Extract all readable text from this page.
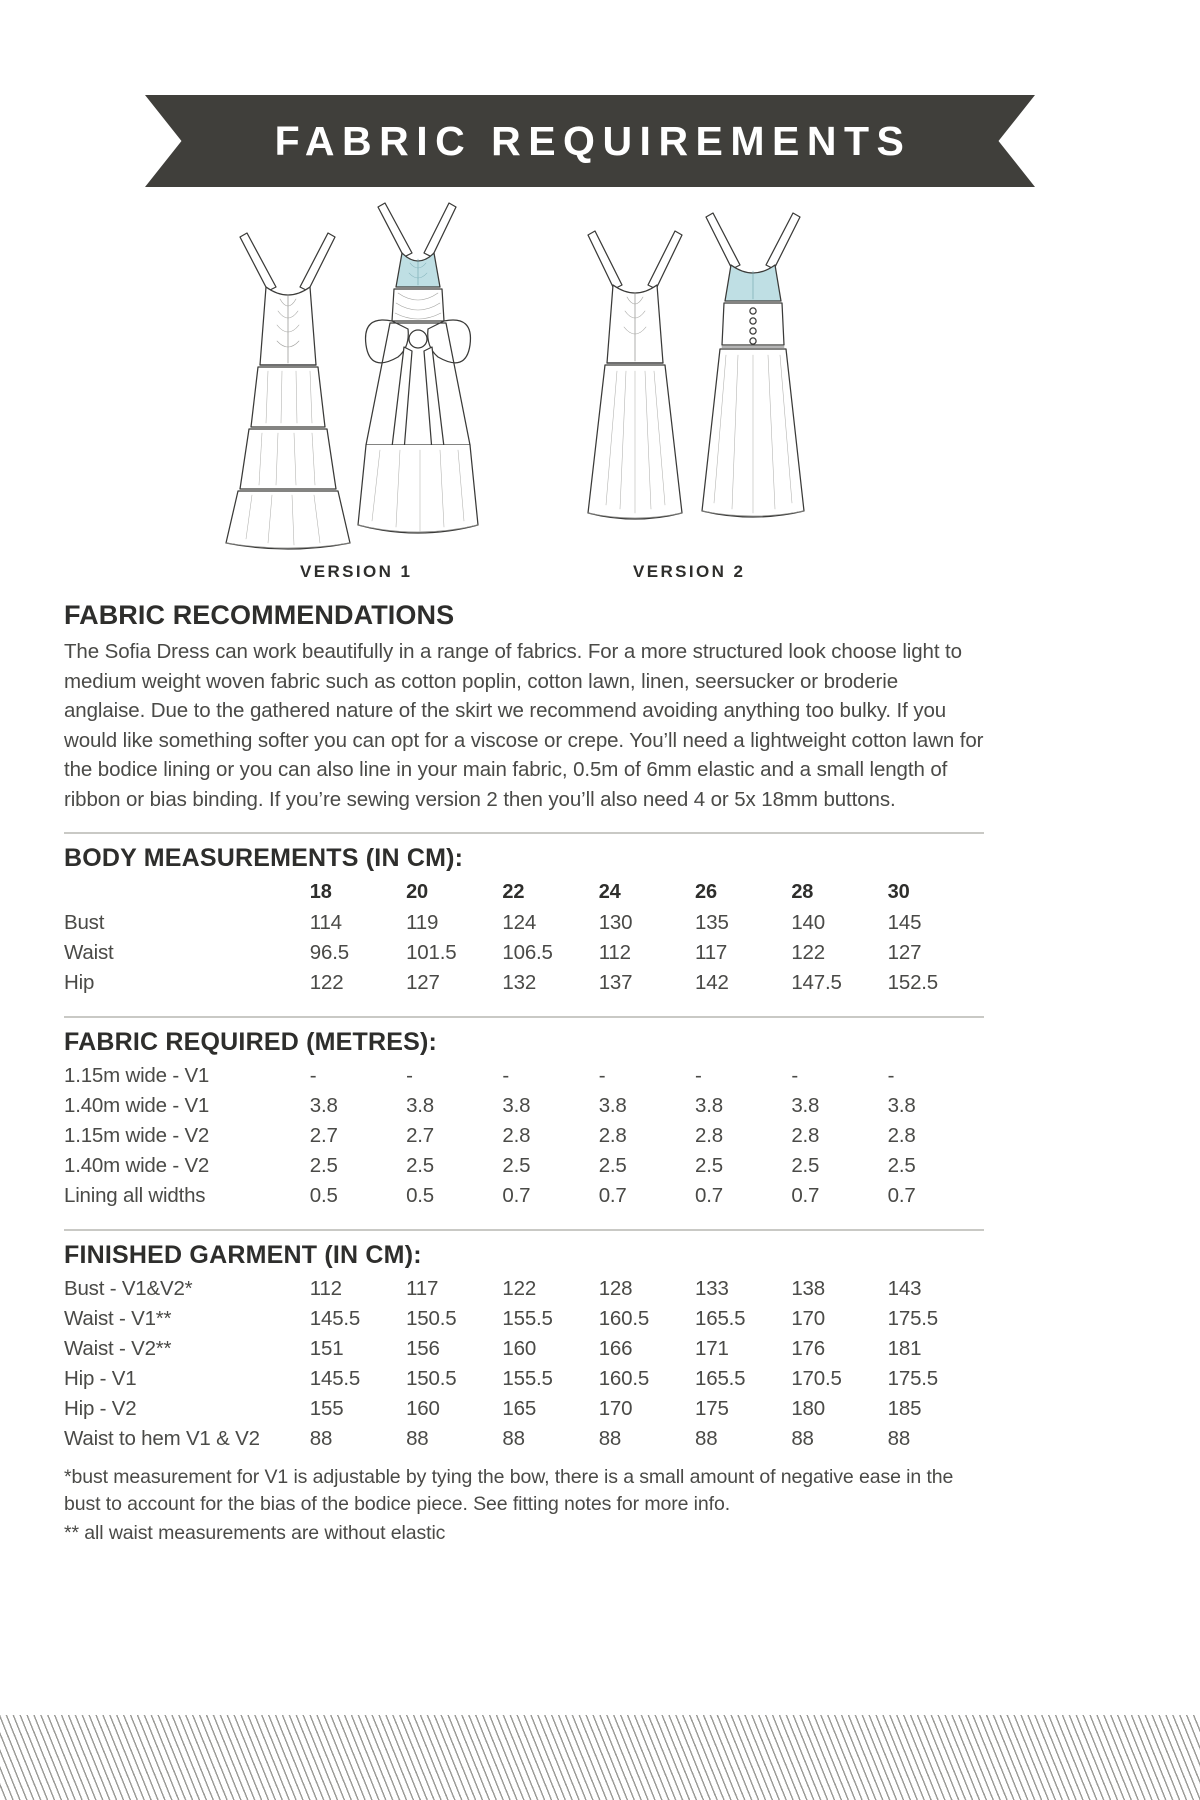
FABRIC REQUIREMENTS
VERSION 1	VERSION 2
FABRIC RECOMMENDATIONS

The Sofia Dress can work beautifully in a range of fabrics. For a more structured look choose light to medium weight woven fabric such as cotton poplin, cotton lawn, linen, seersucker or broderie anglaise. Due to the gathered nature of the skirt we recommend avoiding anything too bulky. If you would like something softer you can opt for a viscose or crepe. You’ll need a lightweight cotton lawn for the bodice lining or you can also line in your main fabric, 0.5m of 6mm elastic and a small length of ribbon or bias binding. If you’re sewing version 2 then you’ll also need 4 or 5x 18mm buttons.

BODY MEASUREMENTS (IN CM):
	18	20	22	24	26	28	30
Bust	114	119	124	130	135	140	145
Waist	96.5	101.5	106.5	112	117	122	127
Hip	122	127	132	137	142	147.5	152.5
FABRIC REQUIRED (METRES):
1.15m wide - V1	-	-	-	-	-	-	-
1.40m wide - V1	3.8	3.8	3.8	3.8	3.8	3.8	3.8
1.15m wide - V2	2.7	2.7	2.8	2.8	2.8	2.8	2.8
1.40m wide - V2	2.5	2.5	2.5	2.5	2.5	2.5	2.5
Lining all widths	0.5	0.5	0.7	0.7	0.7	0.7	0.7
FINISHED GARMENT (IN CM):
Bust - V1&V2*	112	117	122	128	133	138	143
Waist - V1**	145.5	150.5	155.5	160.5	165.5	170	175.5
Waist - V2**	151	156	160	166	171	176	181
Hip - V1	145.5	150.5	155.5	160.5	165.5	170.5	175.5
Hip - V2	155	160	165	170	175	180	185
Waist to hem V1 & V2	88	88	88	88	88	88	88

*bust measurement for V1 is adjustable by tying the bow, there is a small amount of negative ease in the bust to account for the bias of the bodice piece. See fitting notes for more info.

** all waist measurements are without elastic
